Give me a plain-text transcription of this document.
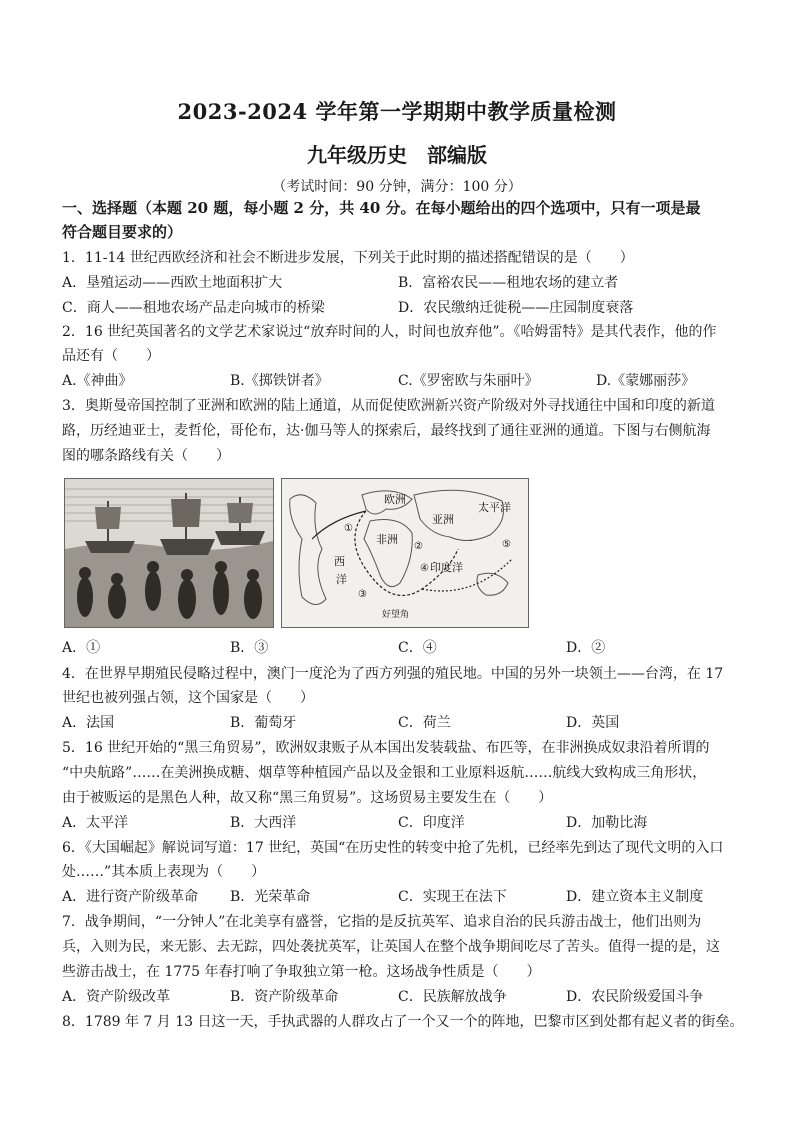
2023-2024 学年第一学期期中教学质量检测
九年级历史　部编版
（考试时间：90 分钟，满分：100 分）
一、选择题（本题 20 题，每小题 2 分，共 40 分。在每小题给出的四个选项中，只有一项是最
符合题目要求的）
1．11-14 世纪西欧经济和社会不断进步发展，下列关于此时期的描述搭配错误的是（　　）
A．垦殖运动——西欧土地面积扩大	B．富裕农民——租地农场的建立者
C．商人——租地农场产品走向城市的桥梁	D．农民缴纳迁徙税——庄园制度衰落
2．16 世纪英国著名的文学艺术家说过“放弃时间的人，时间也放弃他”。《哈姆雷特》是其代表作，他的作
品还有（　　）
A.《神曲》	B.《掷铁饼者》	C.《罗密欧与朱丽叶》	D.《蒙娜丽莎》
3．奥斯曼帝国控制了亚洲和欧洲的陆上通道，从而促使欧洲新兴资产阶级对外寻找通往中国和印度的新道
路，历经迪亚士，麦哲伦，哥伦布，达·伽马等人的探索后，最终找到了通往亚洲的通道。下图与右侧航海
图的哪条路线有关（　　）
欧洲
亚洲
非洲
太平洋
印度洋
西
洋
好望角
①
②
③
④
⑤
A．①	B．③	C．④	D．②
4．在世界早期殖民侵略过程中，澳门一度沦为了西方列强的殖民地。中国的另外一块领土——台湾，在 17
世纪也被列强占领，这个国家是（　　）
A．法国	B．葡萄牙	C．荷兰	D．英国
5．16 世纪开始的“黑三角贸易”，欧洲奴隶贩子从本国出发装载盐、布匹等，在非洲换成奴隶沿着所谓的
“中央航路”……在美洲换成糖、烟草等种植园产品以及金银和工业原料返航……航线大致构成三角形状，
由于被贩运的是黑色人种，故又称“黑三角贸易”。这场贸易主要发生在（　　）
A．太平洋	B．大西洋	C．印度洋	D．加勒比海
6．《大国崛起》解说词写道：17 世纪，英国“在历史性的转变中抢了先机，已经率先到达了现代文明的入口
处……”其本质上表现为（　　）
A．进行资产阶级革命 B．光荣革命	C．实现王在法下	D．建立资本主义制度
7．战争期间，“一分钟人”在北美享有盛誉，它指的是反抗英军、追求自治的民兵游击战士，他们出则为
兵，入则为民，来无影、去无踪，四处袭扰英军，让英国人在整个战争期间吃尽了苦头。值得一提的是，这
些游击战士，在 1775 年春打响了争取独立第一枪。这场战争性质是（　　）
A．资产阶级改革	B．资产阶级革命	C．民族解放战争	D．农民阶级爱国斗争
8．1789 年 7 月 13 日这一天，手执武器的人群攻占了一个又一个的阵地，巴黎市区到处都有起义者的街垒。
